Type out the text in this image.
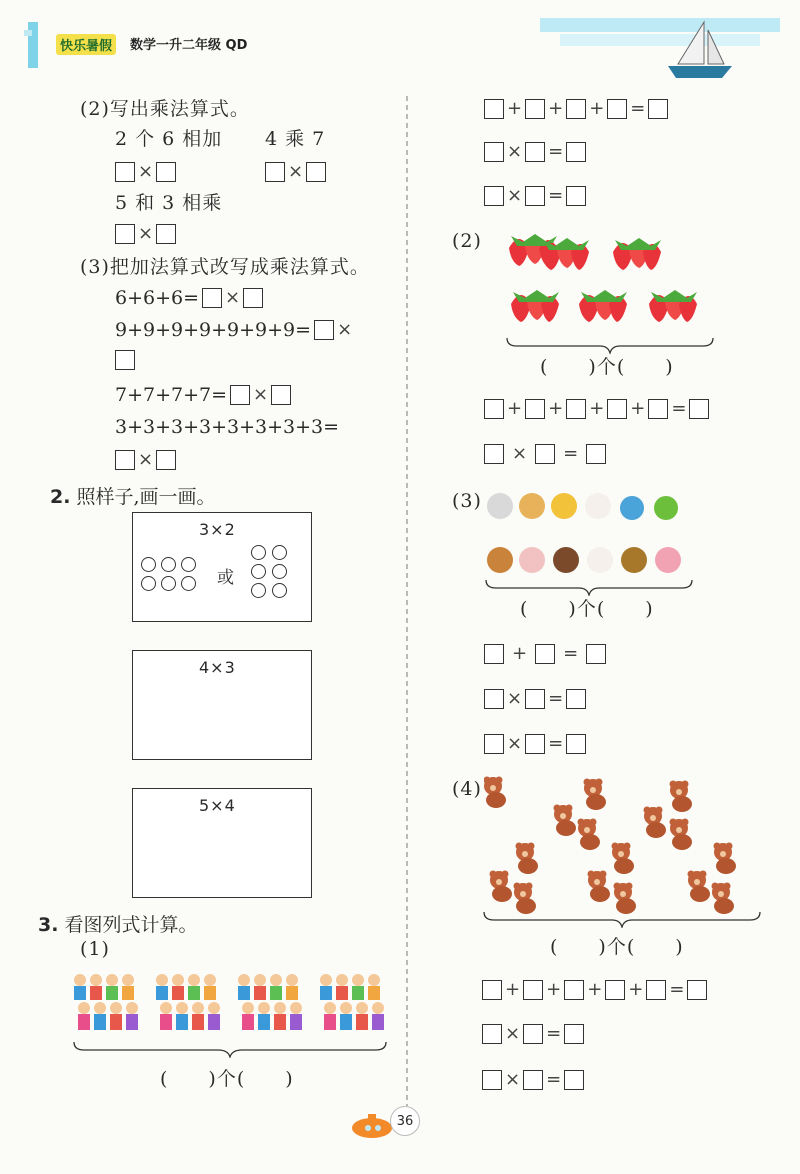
快乐暑假	数学一升二年级 QD
(2)写出乘法算式。
2 个 6 相加 4 乘 7
×	×
5 和 3 相乘
×
(3)把加法算式改写成乘法算式。
6+6+6= ×
9+9+9+9+9+9+9= ×
7+7+7+7= ×
3+3+3+3+3+3+3+3=
×
2. 照样子,画一画。
3×2
或
4×3
5×4
3. 看图列式计算。
(1)
(　　)个(　　)
+ + + =
× =
× =
(2)
(　　)个(　　)
+ + + + =
× =
(3)
(　　)个(　　)
+ =
× =
× =
(4)
(　　)个(　　)
+ + + + =
× =
× =
36
